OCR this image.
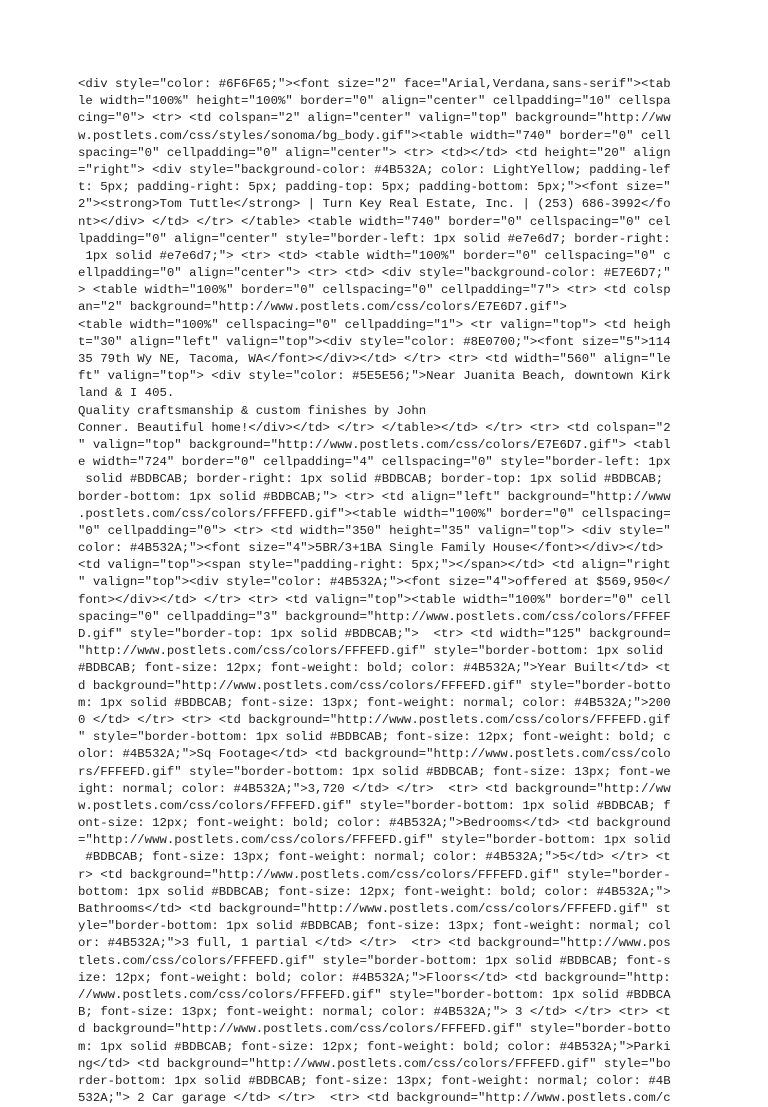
<div style="color: #6F6F65;"><font size="2" face="Arial,Verdana,sans-serif"><tab
le width="100%" height="100%" border="0" align="center" cellpadding="10" cellspa
cing="0"> <tr> <td colspan="2" align="center" valign="top" background="http://ww
w.postlets.com/css/styles/sonoma/bg_body.gif"><table width="740" border="0" cell
spacing="0" cellpadding="0" align="center"> <tr> <td></td> <td height="20" align
="right"> <div style="background-color: #4B532A; color: LightYellow; padding-lef
t: 5px; padding-right: 5px; padding-top: 5px; padding-bottom: 5px;"><font size="
2"><strong>Tom Tuttle</strong> | Turn Key Real Estate, Inc. | (253) 686-3992</fo
nt></div> </td> </tr> </table> <table width="740" border="0" cellspacing="0" cel
lpadding="0" align="center" style="border-left: 1px solid #e7e6d7; border-right:
1px solid #e7e6d7;"> <tr> <td> <table width="100%" border="0" cellspacing="0" c
ellpadding="0" align="center"> <tr> <td> <div style="background-color: #E7E6D7;"
> <table width="100%" border="0" cellspacing="0" cellpadding="7"> <tr> <td colsp
an="2" background="http://www.postlets.com/css/colors/E7E6D7.gif">
<table width="100%" cellspacing="0" cellpadding="1"> <tr valign="top"> <td heigh
t="30" align="left" valign="top"><div style="color: #8E0700;"><font size="5">114
35 79th Wy NE, Tacoma, WA</font></div></td> </tr> <tr> <td width="560" align="le
ft" valign="top"> <div style="color: #5E5E56;">Near Juanita Beach, downtown Kirk
land & I 405.
Quality craftsmanship & custom finishes by John
Conner. Beautiful home!</div></td> </tr> </table></td> </tr> <tr> <td colspan="2
" valign="top" background="http://www.postlets.com/css/colors/E7E6D7.gif"> <tabl
e width="724" border="0" cellpadding="4" cellspacing="0" style="border-left: 1px
solid #BDBCAB; border-right: 1px solid #BDBCAB; border-top: 1px solid #BDBCAB;
border-bottom: 1px solid #BDBCAB;"> <tr> <td align="left" background="http://www
.postlets.com/css/colors/FFFEFD.gif"><table width="100%" border="0" cellspacing=
"0" cellpadding="0"> <tr> <td width="350" height="35" valign="top"> <div style="
color: #4B532A;"><font size="4">5BR/3+1BA Single Family House</font></div></td>
<td valign="top"><span style="padding-right: 5px;"></span></td> <td align="right
" valign="top"><div style="color: #4B532A;"><font size="4">offered at $569,950</
font></div></td> </tr> <tr> <td valign="top"><table width="100%" border="0" cell
spacing="0" cellpadding="3" background="http://www.postlets.com/css/colors/FFFEF
D.gif" style="border-top: 1px solid #BDBCAB;">  <tr> <td width="125" background=
"http://www.postlets.com/css/colors/FFFEFD.gif" style="border-bottom: 1px solid
#BDBCAB; font-size: 12px; font-weight: bold; color: #4B532A;">Year Built</td> <t
d background="http://www.postlets.com/css/colors/FFFEFD.gif" style="border-botto
m: 1px solid #BDBCAB; font-size: 13px; font-weight: normal; color: #4B532A;">200
0 </td> </tr> <tr> <td background="http://www.postlets.com/css/colors/FFFEFD.gif
" style="border-bottom: 1px solid #BDBCAB; font-size: 12px; font-weight: bold; c
olor: #4B532A;">Sq Footage</td> <td background="http://www.postlets.com/css/colo
rs/FFFEFD.gif" style="border-bottom: 1px solid #BDBCAB; font-size: 13px; font-we
ight: normal; color: #4B532A;">3,720 </td> </tr>  <tr> <td background="http://ww
w.postlets.com/css/colors/FFFEFD.gif" style="border-bottom: 1px solid #BDBCAB; f
ont-size: 12px; font-weight: bold; color: #4B532A;">Bedrooms</td> <td background
="http://www.postlets.com/css/colors/FFFEFD.gif" style="border-bottom: 1px solid
#BDBCAB; font-size: 13px; font-weight: normal; color: #4B532A;">5</td> </tr> <t
r> <td background="http://www.postlets.com/css/colors/FFFEFD.gif" style="border-
bottom: 1px solid #BDBCAB; font-size: 12px; font-weight: bold; color: #4B532A;">
Bathrooms</td> <td background="http://www.postlets.com/css/colors/FFFEFD.gif" st
yle="border-bottom: 1px solid #BDBCAB; font-size: 13px; font-weight: normal; col
or: #4B532A;">3 full, 1 partial </td> </tr>  <tr> <td background="http://www.pos
tlets.com/css/colors/FFFEFD.gif" style="border-bottom: 1px solid #BDBCAB; font-s
ize: 12px; font-weight: bold; color: #4B532A;">Floors</td> <td background="http:
//www.postlets.com/css/colors/FFFEFD.gif" style="border-bottom: 1px solid #BDBCA
B; font-size: 13px; font-weight: normal; color: #4B532A;"> 3 </td> </tr> <tr> <t
d background="http://www.postlets.com/css/colors/FFFEFD.gif" style="border-botto
m: 1px solid #BDBCAB; font-size: 12px; font-weight: bold; color: #4B532A;">Parki
ng</td> <td background="http://www.postlets.com/css/colors/FFFEFD.gif" style="bo
rder-bottom: 1px solid #BDBCAB; font-size: 13px; font-weight: normal; color: #4B
532A;"> 2 Car garage </td> </tr>  <tr> <td background="http://www.postlets.com/c
